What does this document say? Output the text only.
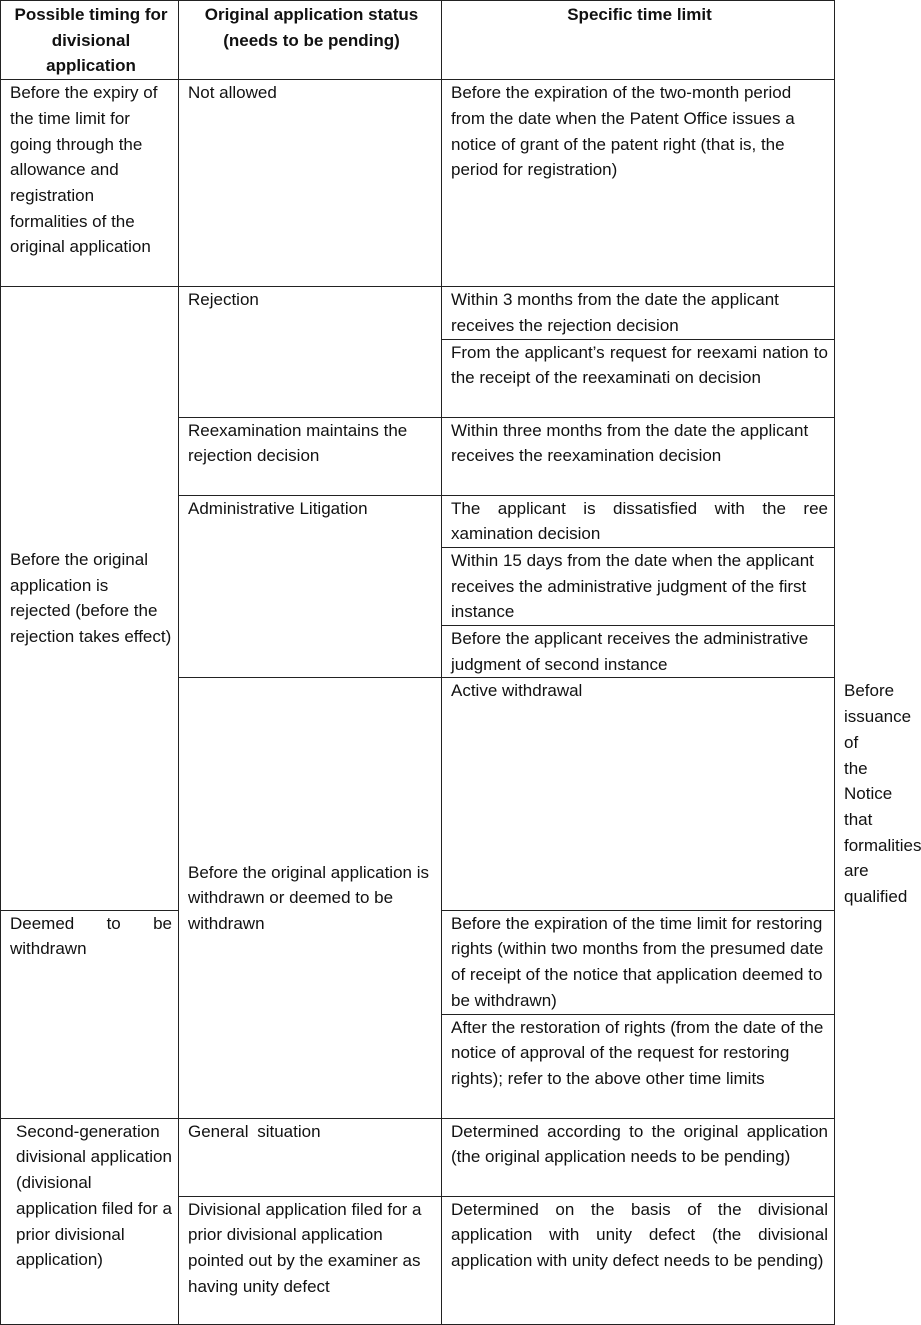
Possible timing for divisional application	Original application status (needs to be pending)	Specific time limit	
Before the expiry of the time limit for going through the allowance and registration formalities of the original application	Not allowed	Before the expiration of the two-month period from the date when the Patent Office issues a notice of grant of the patent right (that is, the period for registration)	
Before the original application is rejected (before the rejection takes effect)	Rejection	Within 3 months from the date the applicant receives the rejection decision	
		From the applicant’s request for reexami nation to the receipt of the reexaminati on decision	
	Reexamination maintains the rejection decision	Within three months from the date the applicant receives the reexamination decision	
	Administrative Litigation	The applicant is dissatisfied with the ree xamination decision	
		Within 15 days from the date when the applicant receives the administrative judgment of the first instance	
		Before the applicant receives the administrative judgment of second instance	
	Before the original application is withdrawn or deemed to be withdrawn	Active withdrawal	Before issuance of the Notice that formalities are qualified
Deemed to be withdrawn		Before the expiration of the time limit for restoring rights (within two months from the presumed date of receipt of the notice that application deemed to be withdrawn)	
		After the restoration of rights (from the date of the notice of approval of the request for restoring rights); refer to the above other time limits	
Second-generation divisional application (divisional application filed for a prior divisional application)	General situation	Determined according to the original application (the original application needs to be pending)	
	Divisional application filed for a prior divisional application pointed out by the examiner as having unity defect	Determined on the basis of the divisional application with unity defect (the divisional application with unity defect needs to be pending)	
